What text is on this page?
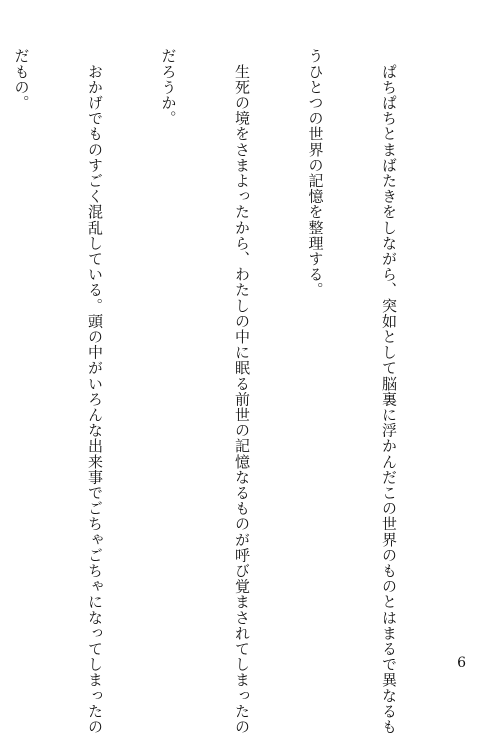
　ぱちぱちとまばたきをしながら、突如として脳裏に浮かんだこの世界のものとはまるで異なるも

うひとつの世界の記憶を整理する。

　生死の境をさまよったから、わたしの中に眠る前世の記憶なるものが呼び覚まされてしまったの

だろうか。

　おかげでものすごく混乱している。頭の中がいろんな出来事でごちゃごちゃになってしまったの

だもの。

6
